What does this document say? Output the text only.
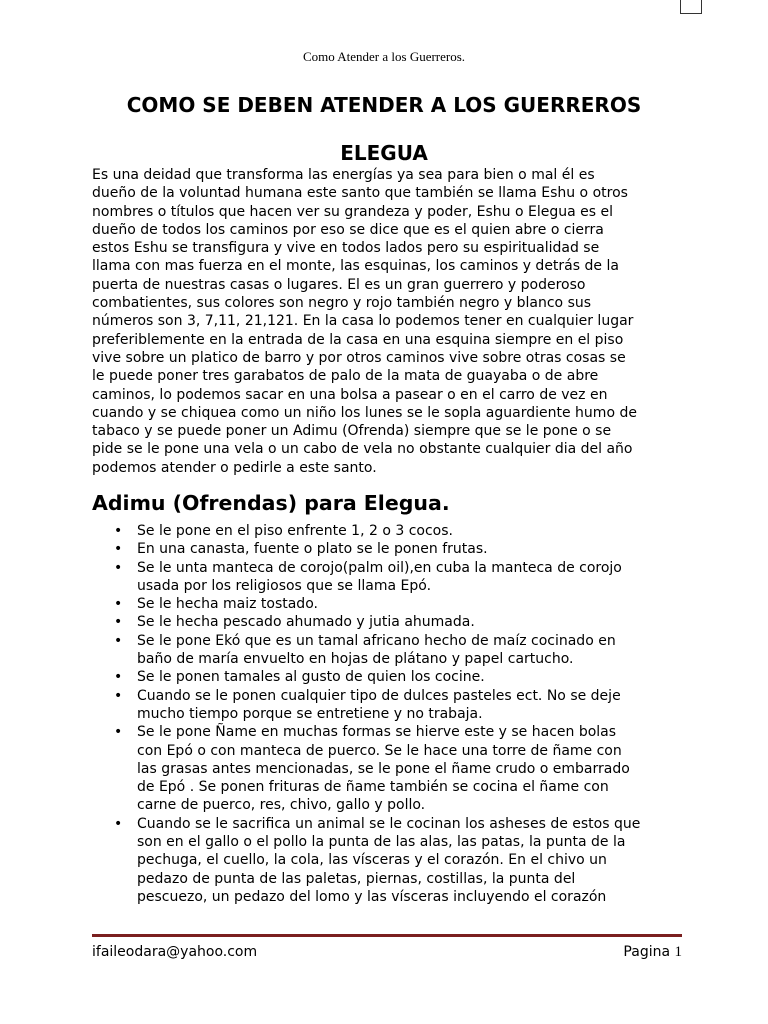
Como Atender a los Guerreros.
COMO SE DEBEN ATENDER A LOS GUERREROS
ELEGUA

Es una deidad que transforma las energías ya sea para bien o mal él es
dueño de la voluntad humana este santo que también se llama Eshu o otros
nombres o títulos que hacen ver su grandeza y poder, Eshu o Elegua es el
dueño de todos los caminos por eso se dice que es el quien abre o cierra
estos Eshu se transfigura y vive en todos lados pero su espiritualidad se
llama con mas fuerza en el monte, las esquinas, los caminos y detrás de la
puerta de nuestras casas o lugares. El es un gran guerrero y poderoso
combatientes, sus colores son negro y rojo también negro y blanco sus
números son 3, 7,11, 21,121. En la casa lo podemos tener en cualquier lugar
preferiblemente en la entrada de la casa en una esquina siempre en el piso
vive sobre un platico de barro y por otros caminos vive sobre otras cosas se
le puede poner tres garabatos de palo de la mata de guayaba o de abre
caminos, lo podemos sacar en una bolsa a pasear o en el carro de vez en
cuando y se chiquea como un niño los lunes se le sopla aguardiente humo de
tabaco y se puede poner un Adimu (Ofrenda) siempre que se le pone o se
pide se le pone una vela o un cabo de vela no obstante cualquier dia del año
podemos atender o pedirle a este santo.

Adimu (Ofrendas) para Elegua.
• Se le pone en el piso enfrente 1, 2 o 3 cocos.
• En una canasta, fuente o plato se le ponen frutas.
• Se le unta manteca de corojo(palm oil),en cuba la manteca de corojo
usada por los religiosos que se llama Epó.
• Se le hecha maiz tostado.
• Se le hecha pescado ahumado y jutia ahumada.
• Se le pone Ekó que es un tamal africano hecho de maíz cocinado en
baño de maría envuelto en hojas de plátano y papel cartucho.
• Se le ponen tamales al gusto de quien los cocine.
• Cuando se le ponen cualquier tipo de dulces pasteles ect. No se deje
mucho tiempo porque se entretiene y no trabaja.
• Se le pone Ñame en muchas formas se hierve este y se hacen bolas
con Epó o con manteca de puerco. Se le hace una torre de ñame con
las grasas antes mencionadas, se le pone el ñame crudo o embarrado
de Epó . Se ponen frituras de ñame también se cocina el ñame con
carne de puerco, res, chivo, gallo y pollo.
• Cuando se le sacrifica un animal se le cocinan los asheses de estos que
son en el gallo o el pollo la punta de las alas, las patas, la punta de la
pechuga, el cuello, la cola, las vísceras y el corazón. En el chivo un
pedazo de punta de las paletas, piernas, costillas, la punta del
pescuezo, un pedazo del lomo y las vísceras incluyendo el corazón
ifaileodara@yahoo.com	Pagina 1
